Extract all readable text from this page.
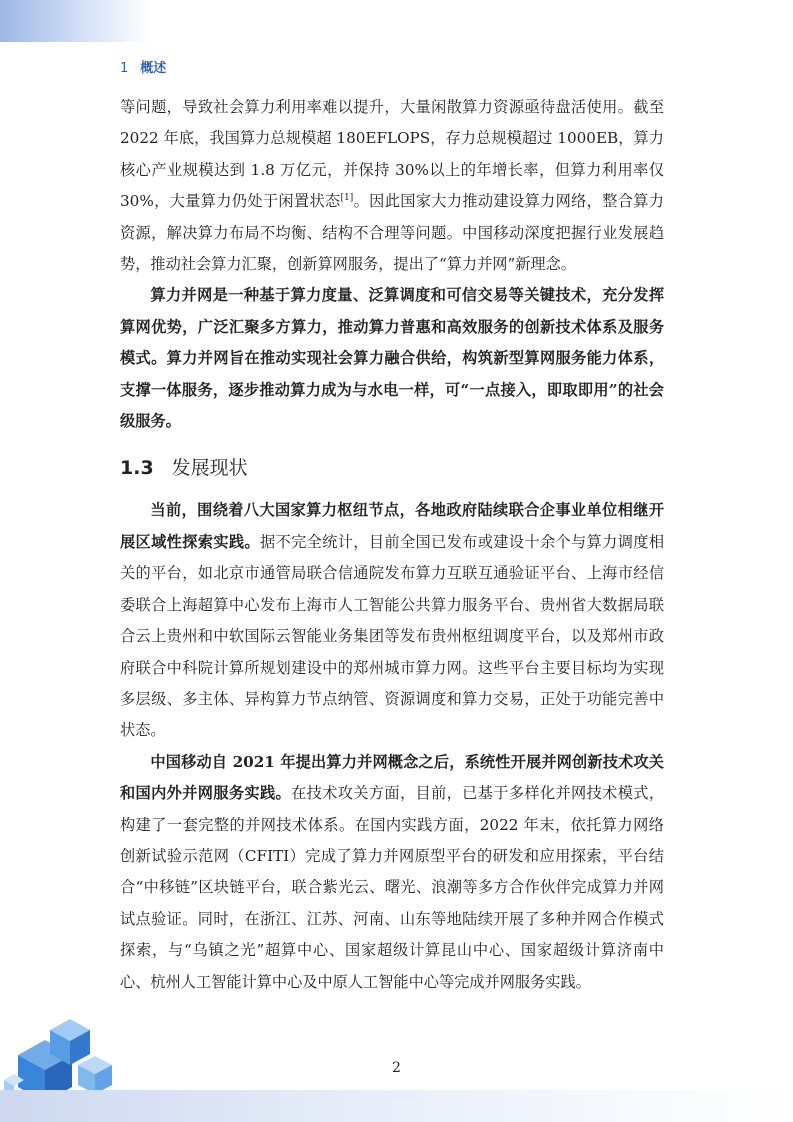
1 概述

等问题，导致社会算力利用率难以提升，大量闲散算力资源亟待盘活使用。截至 2022 年底，我国算力总规模超 180EFLOPS，存力总规模超过 1000EB，算力核心产业规模达到 1.8 万亿元，并保持 30%以上的年增长率，但算力利用率仅 30%，大量算力仍处于闲置状态[1]。因此国家大力推动建设算力网络，整合算力资源，解决算力布局不均衡、结构不合理等问题。中国移动深度把握行业发展趋势，推动社会算力汇聚，创新算网服务，提出了“算力并网”新理念。

算力并网是一种基于算力度量、泛算调度和可信交易等关键技术，充分发挥算网优势，广泛汇聚多方算力，推动算力普惠和高效服务的创新技术体系及服务模式。算力并网旨在推动实现社会算力融合供给，构筑新型算网服务能力体系，支撑一体服务，逐步推动算力成为与水电一样，可“一点接入，即取即用”的社会级服务。

1.3 发展现状

当前，围绕着八大国家算力枢纽节点，各地政府陆续联合企事业单位相继开展区域性探索实践。据不完全统计，目前全国已发布或建设十余个与算力调度相关的平台，如北京市通管局联合信通院发布算力互联互通验证平台、上海市经信委联合上海超算中心发布上海市人工智能公共算力服务平台、贵州省大数据局联合云上贵州和中软国际云智能业务集团等发布贵州枢纽调度平台，以及郑州市政府联合中科院计算所规划建设中的郑州城市算力网。这些平台主要目标均为实现多层级、多主体、异构算力节点纳管、资源调度和算力交易，正处于功能完善中状态。

中国移动自 2021 年提出算力并网概念之后，系统性开展并网创新技术攻关和国内外并网服务实践。在技术攻关方面，目前，已基于多样化并网技术模式，构建了一套完整的并网技术体系。在国内实践方面，2022 年末，依托算力网络创新试验示范网（CFITI）完成了算力并网原型平台的研发和应用探索，平台结合“中移链”区块链平台，联合紫光云、曙光、浪潮等多方合作伙伴完成算力并网试点验证。同时，在浙江、江苏、河南、山东等地陆续开展了多种并网合作模式探索，与“乌镇之光”超算中心、国家超级计算昆山中心、国家超级计算济南中心、杭州人工智能计算中心及中原人工智能中心等完成并网服务实践。

2
